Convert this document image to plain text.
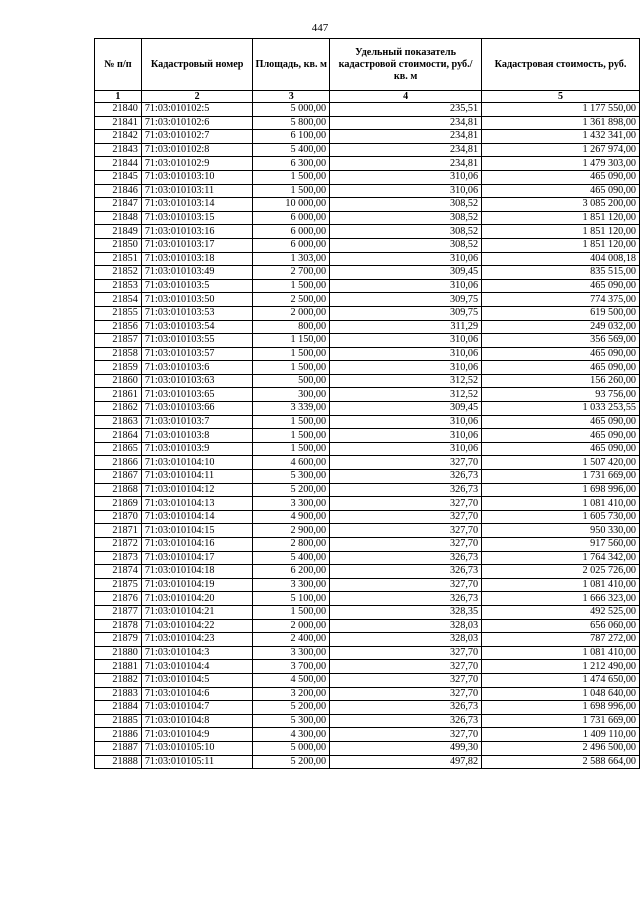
447
№ п/п	Кадастровый номер	Площадь, кв. м	Удельный показатель кадастровой стоимости, руб./кв. м	Кадастровая стоимость, руб.
1	2	3	4	5
21840	71:03:010102:5	5 000,00	235,51	1 177 550,00
21841	71:03:010102:6	5 800,00	234,81	1 361 898,00
21842	71:03:010102:7	6 100,00	234,81	1 432 341,00
21843	71:03:010102:8	5 400,00	234,81	1 267 974,00
21844	71:03:010102:9	6 300,00	234,81	1 479 303,00
21845	71:03:010103:10	1 500,00	310,06	465 090,00
21846	71:03:010103:11	1 500,00	310,06	465 090,00
21847	71:03:010103:14	10 000,00	308,52	3 085 200,00
21848	71:03:010103:15	6 000,00	308,52	1 851 120,00
21849	71:03:010103:16	6 000,00	308,52	1 851 120,00
21850	71:03:010103:17	6 000,00	308,52	1 851 120,00
21851	71:03:010103:18	1 303,00	310,06	404 008,18
21852	71:03:010103:49	2 700,00	309,45	835 515,00
21853	71:03:010103:5	1 500,00	310,06	465 090,00
21854	71:03:010103:50	2 500,00	309,75	774 375,00
21855	71:03:010103:53	2 000,00	309,75	619 500,00
21856	71:03:010103:54	800,00	311,29	249 032,00
21857	71:03:010103:55	1 150,00	310,06	356 569,00
21858	71:03:010103:57	1 500,00	310,06	465 090,00
21859	71:03:010103:6	1 500,00	310,06	465 090,00
21860	71:03:010103:63	500,00	312,52	156 260,00
21861	71:03:010103:65	300,00	312,52	93 756,00
21862	71:03:010103:66	3 339,00	309,45	1 033 253,55
21863	71:03:010103:7	1 500,00	310,06	465 090,00
21864	71:03:010103:8	1 500,00	310,06	465 090,00
21865	71:03:010103:9	1 500,00	310,06	465 090,00
21866	71:03:010104:10	4 600,00	327,70	1 507 420,00
21867	71:03:010104:11	5 300,00	326,73	1 731 669,00
21868	71:03:010104:12	5 200,00	326,73	1 698 996,00
21869	71:03:010104:13	3 300,00	327,70	1 081 410,00
21870	71:03:010104:14	4 900,00	327,70	1 605 730,00
21871	71:03:010104:15	2 900,00	327,70	950 330,00
21872	71:03:010104:16	2 800,00	327,70	917 560,00
21873	71:03:010104:17	5 400,00	326,73	1 764 342,00
21874	71:03:010104:18	6 200,00	326,73	2 025 726,00
21875	71:03:010104:19	3 300,00	327,70	1 081 410,00
21876	71:03:010104:20	5 100,00	326,73	1 666 323,00
21877	71:03:010104:21	1 500,00	328,35	492 525,00
21878	71:03:010104:22	2 000,00	328,03	656 060,00
21879	71:03:010104:23	2 400,00	328,03	787 272,00
21880	71:03:010104:3	3 300,00	327,70	1 081 410,00
21881	71:03:010104:4	3 700,00	327,70	1 212 490,00
21882	71:03:010104:5	4 500,00	327,70	1 474 650,00
21883	71:03:010104:6	3 200,00	327,70	1 048 640,00
21884	71:03:010104:7	5 200,00	326,73	1 698 996,00
21885	71:03:010104:8	5 300,00	326,73	1 731 669,00
21886	71:03:010104:9	4 300,00	327,70	1 409 110,00
21887	71:03:010105:10	5 000,00	499,30	2 496 500,00
21888	71:03:010105:11	5 200,00	497,82	2 588 664,00
